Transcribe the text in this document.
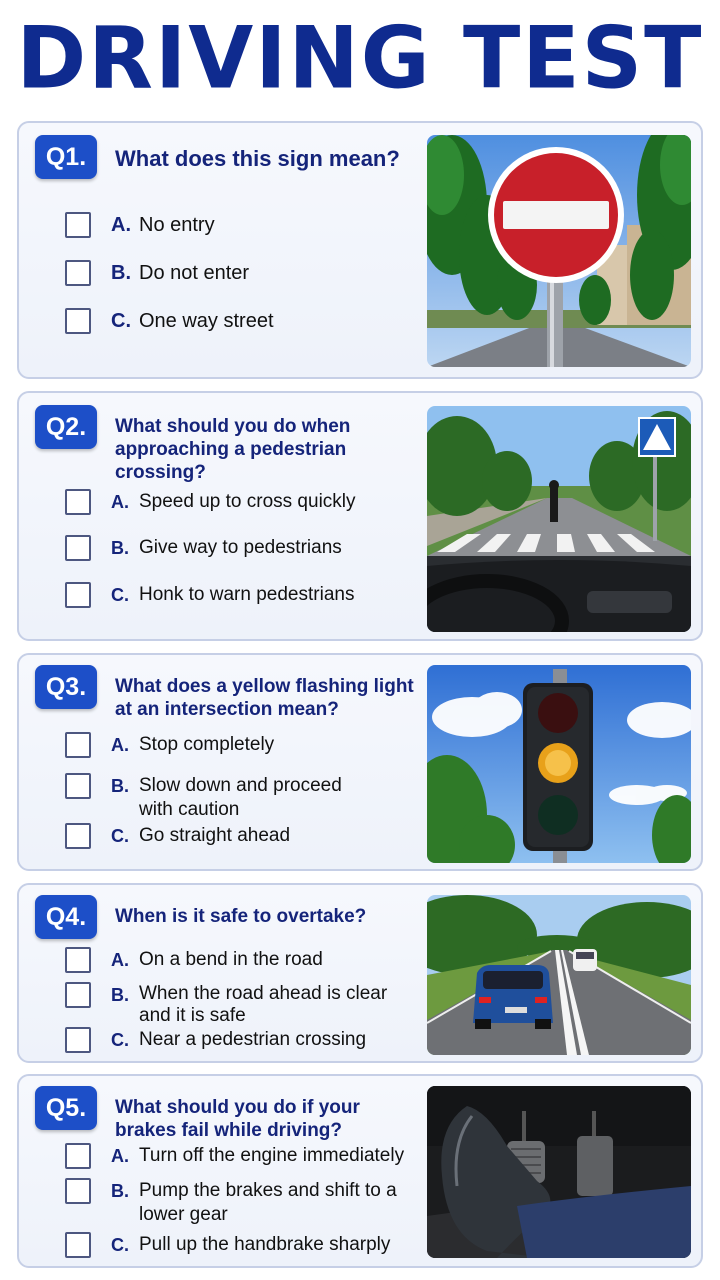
DRIVING TEST
Q1.	What does this sign mean?
A. No entry
B. Do not enter
C. One way street
Q2.	What should you do when approaching a pedestrian crossing?
A. Speed up to cross quickly
B. Give way to pedestrians
C. Honk to warn pedestrians
Q3.	What does a yellow flashing light at an intersection mean?
A. Stop completely
B. Slow down and proceed with caution
C. Go straight ahead
Q4.	When is it safe to overtake?
A. On a bend in the road
B. When the road ahead is clear and it is safe
C. Near a pedestrian crossing
Q5.	What should you do if your brakes fail while driving?
A. Turn off the engine immediately
B. Pump the brakes and shift to a lower gear
C. Pull up the handbrake sharply
